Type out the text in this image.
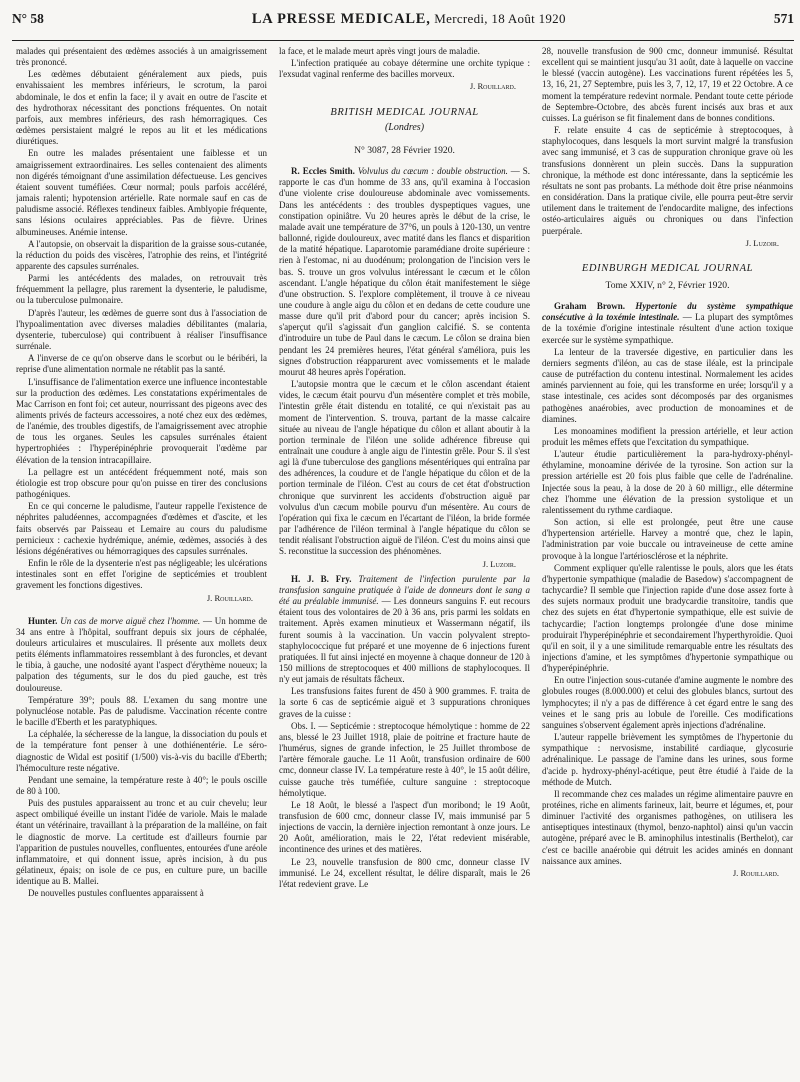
N° 58	LA PRESSE MEDICALE, Mercredi, 18 Août 1920	571

malades qui présentaient des œdèmes associés à un amaigrissement très prononcé.

Les œdèmes débutaient généralement aux pieds, puis envahissaient les membres inférieurs, le scrotum, la paroi abdominale, le dos et enfin la face; il y avait en outre de l'ascite et des hydrothorax nécessitant des ponctions fréquentes. On notait parfois, aux membres inférieurs, des rash hémorragiques. Ces œdèmes persistaient malgré le repos au lit et les médications diurétiques.

En outre les malades présentaient une faiblesse et un amaigrissement extraordinaires. Les selles contenaient des aliments non digérés témoignant d'une assimilation défectueuse. Les gencives étaient souvent tuméfiées. Cœur normal; pouls parfois accéléré, jamais ralenti; hypotension artérielle. Rate normale sauf en cas de paludisme associé. Réflexes tendineux faibles. Amblyopie fréquente, sans lésions oculaires appréciables. Pas de fièvre. Urines albumineuses. Anémie intense.

A l'autopsie, on observait la disparition de la graisse sous-cutanée, la réduction du poids des viscères, l'atrophie des reins, et l'intégrité apparente des capsules surrénales.

Parmi les antécédents des malades, on retrouvait très fréquemment la pellagre, plus rarement la dysenterie, le paludisme, ou la tuberculose pulmonaire.

D'après l'auteur, les œdèmes de guerre sont dus à l'association de l'hypoalimentation avec diverses maladies débilitantes (malaria, dysenterie, tuberculose) qui contribuent à réaliser l'insuffisance surrénale.

A l'inverse de ce qu'on observe dans le scorbut ou le béribéri, la reprise d'une alimentation normale ne rétablit pas la santé.

L'insuffisance de l'alimentation exerce une influence incontestable sur la production des œdèmes. Les constatations expérimentales de Mac Carrison en font foi; cet auteur, nourrissant des pigeons avec des aliments privés de facteurs accessoires, a noté chez eux des œdèmes, de l'anémie, des troubles digestifs, de l'amaigrissement avec atrophie de tous les organes. Seules les capsules surrénales étaient hypertrophiées : l'hyperépinéphrie provoquerait l'œdème par élévation de la tension intracapillaire.

La pellagre est un antécédent fréquemment noté, mais son étiologie est trop obscure pour qu'on puisse en tirer des conclusions pathogéniques.

En ce qui concerne le paludisme, l'auteur rappelle l'existence de néphrites paludéennes, accompagnées d'œdèmes et d'ascite, et les faits observés par Paisseau et Lemaire au cours du paludisme pernicieux : cachexie hydrémique, anémie, œdèmes, associés à des lésions dégénératives ou hémorragiques des capsules surrénales.

Enfin le rôle de la dysenterie n'est pas négligeable; les ulcérations intestinales sont en effet l'origine de septicémies et troublent gravement les fonctions digestives.

J. Rouillard.

Hunter. Un cas de morve aiguë chez l'homme. — Un homme de 34 ans entre à l'hôpital, souffrant depuis six jours de céphalée, douleurs articulaires et musculaires. Il présente aux mollets deux petits éléments inflammatoires ressemblant à des furoncles, et devant le tibia, à gauche, une nodosité ayant l'aspect d'érythème noueux; la palpation des téguments, sur le dos du pied gauche, est très douloureuse.

Température 39°; pouls 88. L'examen du sang montre une polynucléose notable. Pas de paludisme. Vaccination récente contre le bacille d'Eberth et les paratyphiques.

La céphalée, la sécheresse de la langue, la dissociation du pouls et de la température font penser à une dothiénentérie. Le séro-diagnostic de Widal est positif (1/500) vis-à-vis du bacille d'Eberth; l'hémoculture reste négative.

Pendant une semaine, la température reste à 40°; le pouls oscille de 80 à 100.

Puis des pustules apparaissent au tronc et au cuir chevelu; leur aspect ombiliqué éveille un instant l'idée de variole. Mais le malade étant un vétérinaire, travaillant à la préparation de la malléine, on fait le diagnostic de morve. La certitude est d'ailleurs fournie par l'apparition de pustules nouvelles, confluentes, entourées d'une aréole inflammatoire, et qui donnent issue, après incision, à du pus gélatineux, épais; on isole de ce pus, en culture pure, un bacille identique au B. Mallei.

De nouvelles pustules confluentes apparaissent à

la face, et le malade meurt après vingt jours de maladie.

L'infection pratiquée au cobaye détermine une orchite typique : l'exsudat vaginal renferme des bacilles morveux.

J. Rouillard.
BRITISH MEDICAL JOURNAL
(Londres)
N° 3087, 28 Février 1920.

R. Eccles Smith. Volvulus du cæcum : double obstruction. — S. rapporte le cas d'un homme de 33 ans, qu'il examina à l'occasion d'une violente crise douloureuse abdominale avec vomissements. Dans les antécédents : des troubles dyspeptiques vagues, une constipation opiniâtre. Vu 20 heures après le début de la crise, le malade avait une température de 37°6, un pouls à 120-130, un ventre ballonné, rigide douloureux, avec matité dans les flancs et disparition de la matité hépatique. Laparotomie paramédiane droite supérieure : rien à l'estomac, ni au duodénum; prolongation de l'incision vers le bas. S. trouve un gros volvulus intéressant le cæcum et le côlon ascendant. L'angle hépatique du côlon était manifestement le siège d'une obstruction. S. l'explore complètement, il trouve à ce niveau une coudure à angle aigu du côlon et en dedans de cette coudure une masse dure qu'il prit d'abord pour du cancer; après incision S. s'aperçut qu'il s'agissait d'un ganglion calcifié. S. se contenta d'introduire un tube de Paul dans le cæcum. Le côlon se draina bien pendant les 24 premières heures, l'état général s'améliora, puis les signes d'obstruction réapparurent avec vomissements et le malade mourut 48 heures après l'opération.

L'autopsie montra que le cæcum et le côlon ascendant étaient vides, le cæcum était pourvu d'un mésentère complet et très mobile, l'intestin grêle était distendu en totalité, ce qui n'existait pas au moment de l'intervention. S. trouva, partant de la masse calcaire située au niveau de l'angle hépatique du côlon et allant aboutir à la portion terminale de l'iléon une solide adhérence fibreuse qui entraînait une coudure à angle aigu de l'intestin grêle. Pour S. il s'est agi là d'une tuberculose des ganglions mésentériques qui entraîna par des adhérences, la coudure et de l'angle hépatique du côlon et de la portion terminale de l'iléon. C'est au cours de cet état d'obstruction chronique que survinrent les accidents d'obstruction aiguë par volvulus d'un cæcum mobile pourvu d'un mésentère. Au cours de l'opération qui fixa le cæcum en l'écartant de l'iléon, la bride formée par l'adhérence de l'iléon terminal à l'angle hépatique du côlon se tendit réalisant l'obstruction aiguë de l'iléon. C'est du moins ainsi que S. reconstitue la succession des phénomènes.

J. Luzoir.

H. J. B. Fry. Traitement de l'infection purulente par la transfusion sanguine pratiquée à l'aide de donneurs dont le sang a été au préalable immunisé. — Les donneurs sanguins F. eut recours étaient tous des volontaires de 20 à 36 ans, pris parmi les soldats en traitement. Après examen minutieux et Wassermann négatif, ils furent soumis à la vaccination. Un vaccin polyvalent strepto-staphylococcique fut préparé et une moyenne de 6 injections furent pratiquées. Il fut ainsi injecté en moyenne à chaque donneur de 120 à 150 millions de streptocoques et 400 millions de staphylocoques. Il n'y eut jamais de résultats fâcheux.

Les transfusions faites furent de 450 à 900 grammes. F. traita de la sorte 6 cas de septicémie aiguë et 3 suppurations chroniques graves de la cuisse :

Obs. I. — Septicémie : streptocoque hémolytique : homme de 22 ans, blessé le 23 Juillet 1918, plaie de poitrine et fracture haute de l'humérus, signes de grande infection, le 25 Juillet thrombose de l'artère fémorale gauche. Le 11 Août, transfusion ordinaire de 600 cmc, donneur classe IV. La température reste à 40°, le 15 août délire, cuisse gauche très tuméfiée, culture sanguine : streptocoque hémolytique.

Le 18 Août, le blessé a l'aspect d'un moribond; le 19 Août, transfusion de 600 cmc, donneur classe IV, mais immunisé par 5 injections de vaccin, la dernière injection remontant à onze jours. Le 20 Août, amélioration, mais le 22, l'état redevient misérable, incontinence des urines et des matières.

Le 23, nouvelle transfusion de 800 cmc, donneur classe IV immunisé. Le 24, excellent résultat, le délire disparaît, mais le 26 l'état redevient grave. Le

28, nouvelle transfusion de 900 cmc, donneur immunisé. Résultat excellent qui se maintient jusqu'au 31 août, date à laquelle on vaccine le blessé (vaccin autogène). Les vaccinations furent répétées les 5, 13, 16, 21, 27 Septembre, puis les 3, 7, 12, 17, 19 et 22 Octobre. A ce moment la température redevint normale. Pendant toute cette période de Septembre-Octobre, des abcès furent incisés aux bras et aux cuisses. La guérison se fit finalement dans de bonnes conditions.

F. relate ensuite 4 cas de septicémie à streptocoques, à staphylocoques, dans lesquels la mort survint malgré la transfusion avec sang immunisé, et 3 cas de suppuration chronique grave où les transfusions donnèrent un plein succès. Dans la suppuration chronique, la méthode est donc intéressante, dans la septicémie les résultats ne sont pas probants. La méthode doit être prise néanmoins en considération. Dans la pratique civile, elle pourra peut-être servir utilement dans le traitement de l'endocardite maligne, des infections ostéo-articulaires aiguës ou chroniques ou dans l'infection puerpérale.

J. Luzoir.
EDINBURGH MEDICAL JOURNAL
Tome XXIV, n° 2, Février 1920.

Graham Brown. Hypertonie du système sympathique consécutive à la toxémie intestinale. — La plupart des symptômes de la toxémie d'origine intestinale résultent d'une action toxique exercée sur le système sympathique.

La lenteur de la traversée digestive, en particulier dans les derniers segments d'iléon, au cas de stase iléale, est la principale cause de putréfaction du contenu intestinal. Normalement les acides aminés parviennent au foie, qui les transforme en urée; lorsqu'il y a stase intestinale, ces acides sont décomposés par des organismes pathogènes anaérobies, avec production de monoamines et de diamines.

Les monoamines modifient la pression artérielle, et leur action produit les mêmes effets que l'excitation du sympathique.

L'auteur étudie particulièrement la para-hydroxy-phényl-éthylamine, monoamine dérivée de la tyrosine. Son action sur la pression artérielle est 20 fois plus faible que celle de l'adrénaline. Injectée sous la peau, à la dose de 20 à 60 milligr., elle détermine chez l'homme une élévation de la pression systolique et un ralentissement du rythme cardiaque.

Son action, si elle est prolongée, peut être une cause d'hypertension artérielle. Harvey a montré que, chez le lapin, l'administration par voie buccale ou intraveineuse de cette amine provoque à la longue l'artériosclérose et la néphrite.

Comment expliquer qu'elle ralentisse le pouls, alors que les états d'hypertonie sympathique (maladie de Basedow) s'accompagnent de tachycardie? Il semble que l'injection rapide d'une dose assez forte à des sujets normaux produit une bradycardie transitoire, tandis que chez des sujets en état d'hypertonie sympathique, elle est suivie de tachycardie; l'action longtemps prolongée d'une dose minime produirait l'hyperépinéphrie et secondairement l'hyperthyroïdie. Quoi qu'il en soit, il y a une similitude remarquable entre les résultats des injections d'amine, et les symptômes d'hypertonie sympathique ou d'hyperépinéphrie.

En outre l'injection sous-cutanée d'amine augmente le nombre des globules rouges (8.000.000) et celui des globules blancs, surtout des lymphocytes; il n'y a pas de différence à cet égard entre le sang des veines et le sang pris au lobule de l'oreille. Ces modifications sanguines s'observent également après injections d'adrénaline.

L'auteur rappelle brièvement les symptômes de l'hypertonie du sympathique : nervosisme, instabilité cardiaque, glycosurie adrénalinique. Le passage de l'amine dans les urines, sous forme d'acide p. hydroxy-phényl-acétique, peut être étudié à l'aide de la méthode de Mutch.

Il recommande chez ces malades un régime alimentaire pauvre en protéines, riche en aliments farineux, lait, beurre et légumes, et, pour diminuer l'activité des organismes pathogènes, on utilisera les antiseptiques intestinaux (thymol, benzo-naphtol) ainsi qu'un vaccin autogène, préparé avec le B. aminophilus intestinalis (Berthelot), car c'est ce bacille anaérobie qui détruit les acides aminés en donnant naissance aux amines.

J. Rouillard.
